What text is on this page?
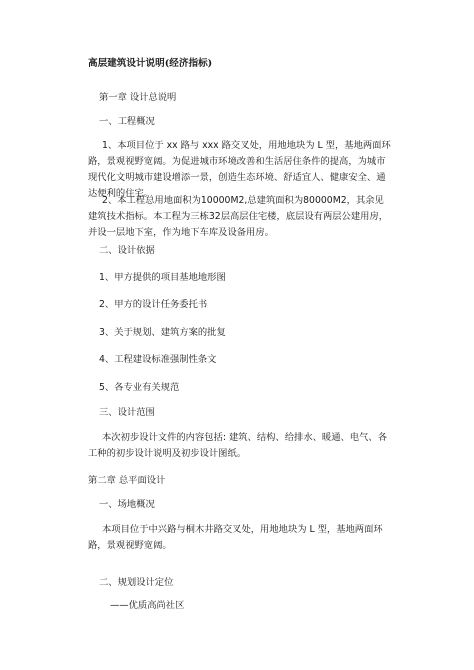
高层建筑设计说明(经济指标)
第一章 设计总说明
一、工程概况
1、本项目位于 xx 路与 xxx 路交叉处，用地地块为 L 型，基地两面环路，景观视野宽阔。为促进城市环境改善和生活居住条件的提高，为城市现代化文明城市建设增添一景，创造生态环境、舒适宜人、健康安全、通达便利的住宅。
2、本工程总用地面积为10000M2,总建筑面积为80000M2，其余见建筑技术指标。本工程为三栋32层高层住宅楼，底层设有两层公建用房，并设一层地下室，作为地下车库及设备用房。
二、设计依据
1、甲方提供的项目基地地形图
2、甲方的设计任务委托书
3、关于规划、建筑方案的批复
4、工程建设标准强制性条文
5、各专业有关规范
三、设计范围
本次初步设计文件的内容包括: 建筑、结构、给排水、暖通、电气、各工种的初步设计说明及初步设计图纸。
第二章 总平面设计
一、场地概况
本项目位于中兴路与桐木井路交叉处，用地地块为 L 型，基地两面环路，景观视野宽阔。
二、规划设计定位
——优质高尚社区
